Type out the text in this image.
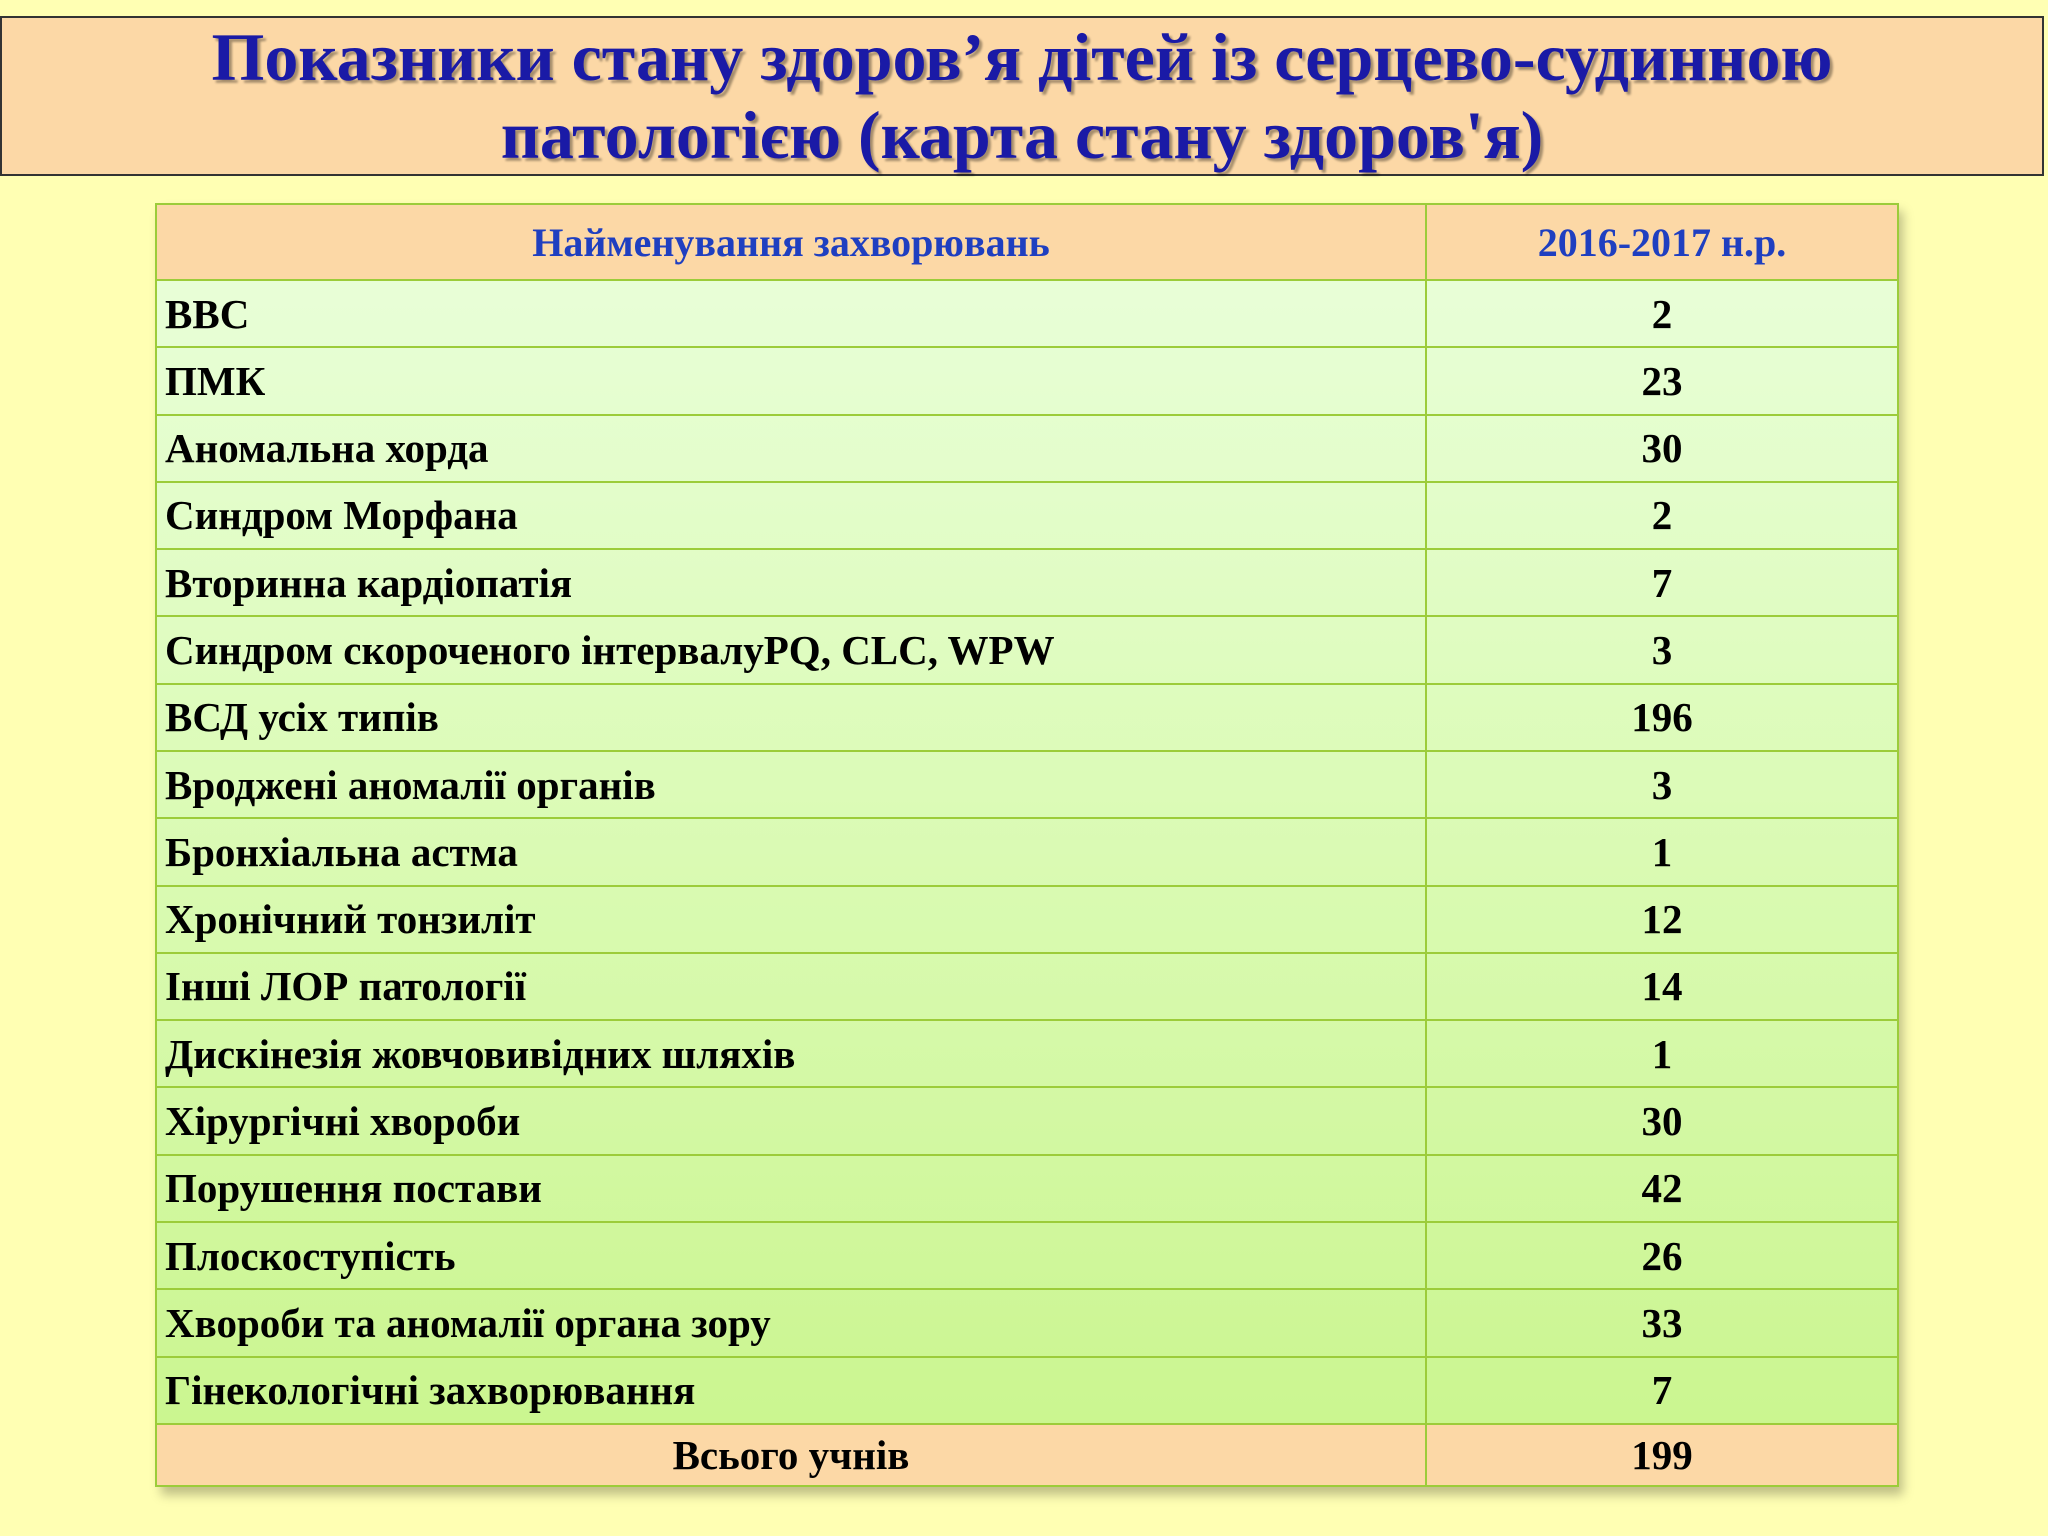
Показники стану здоров’я дітей із серцево-судинною патологією (карта стану здоров'я)
Найменування захворювань	2016-2017 н.р.
ВВС	2
ПМК	23
Аномальна хорда	30
Синдром Морфана	2
Вторинна кардіопатія	7
Синдром скороченого інтервалуPQ, CLC, WPW	3
ВСД усіх типів	196
Вроджені аномалії органів	3
Бронхіальна астма	1
Хронічний тонзиліт	12
Інші ЛОР патології	14
Дискінезія жовчовивідних шляхів	1
Хірургічні хвороби	30
Порушення постави	42
Плоскоступість	26
Хвороби та аномалії органа зору	33
Гінекологічні захворювання	7
Всього учнів	199
